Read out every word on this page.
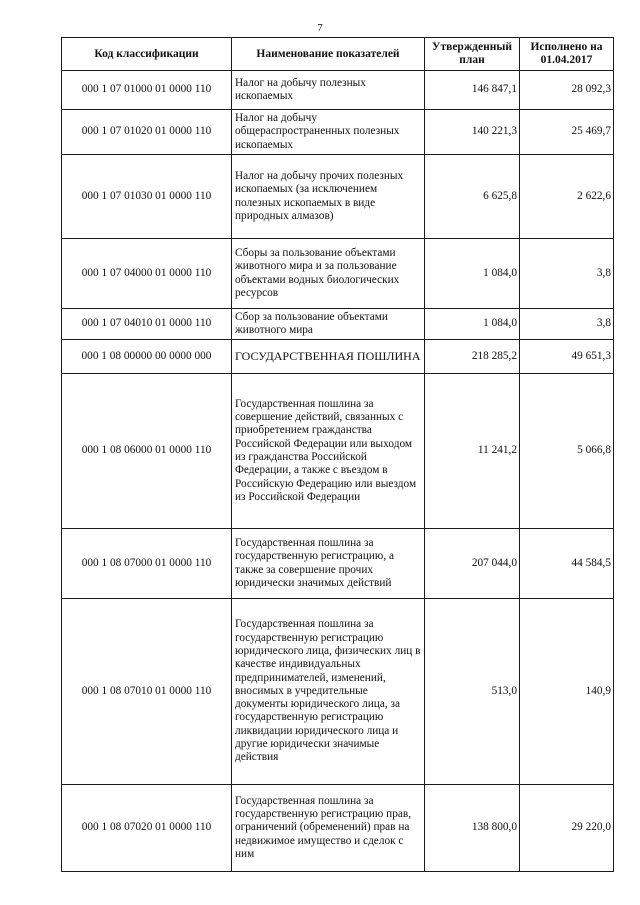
7
Код классификации	Наименование показателей	Утвержденный план	Исполнено на 01.04.2017
000 1 07 01000 01 0000 110	Налог на добычу полезных ископаемых	146 847,1	28 092,3
000 1 07 01020 01 0000 110	Налог на добычу общераспространенных полезных ископаемых	140 221,3	25 469,7
000 1 07 01030 01 0000 110	Налог на добычу прочих полезных ископаемых (за исключением полезных ископаемых в виде природных алмазов)	6 625,8	2 622,6
000 1 07 04000 01 0000 110	Сборы за пользование объектами животного мира и за пользование объектами водных биологических ресурсов	1 084,0	3,8
000 1 07 04010 01 0000 110	Сбор за пользование объектами животного мира	1 084,0	3,8
000 1 08 00000 00 0000 000	ГОСУДАРСТВЕННАЯ ПОШЛИНА	218 285,2	49 651,3
000 1 08 06000 01 0000 110	Государственная пошлина за совершение действий, связанных с приобретением гражданства Российской Федерации или выходом из гражданства Российской Федерации, а также с въездом в Российскую Федерацию или выездом из Российской Федерации	11 241,2	5 066,8
000 1 08 07000 01 0000 110	Государственная пошлина за государственную регистрацию, а также за совершение прочих юридически значимых действий	207 044,0	44 584,5
000 1 08 07010 01 0000 110	Государственная пошлина за государственную регистрацию юридического лица, физических лиц в качестве индивидуальных предпринимателей, изменений, вносимых в учредительные документы юридического лица, за государственную регистрацию ликвидации юридического лица и другие юридически значимые действия	513,0	140,9
000 1 08 07020 01 0000 110	Государственная пошлина за государственную регистрацию прав, ограничений (обременений) прав на недвижимое имущество и сделок с ним	138 800,0	29 220,0
